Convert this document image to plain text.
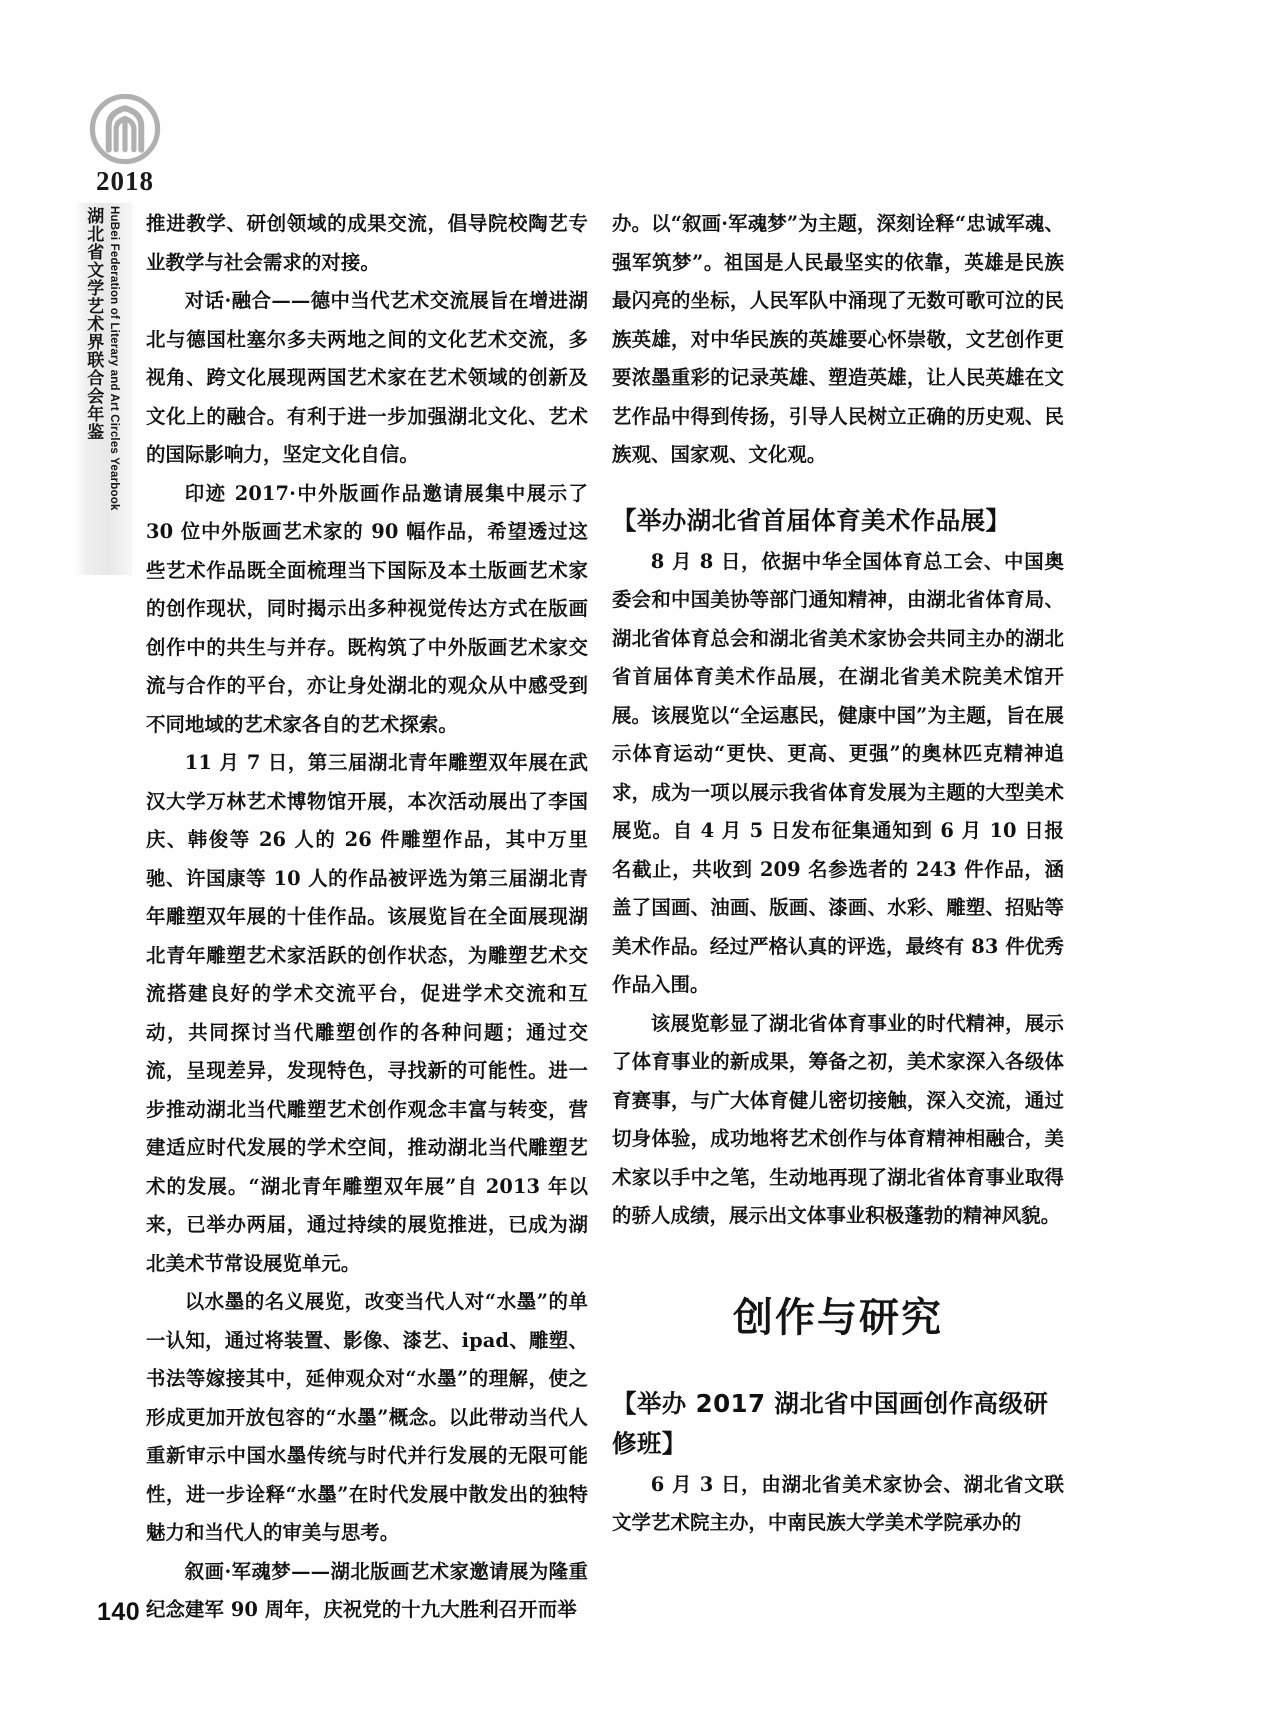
2018
湖北省文学艺术界联合会年鉴 HuBei Federation of Literary and Art Circles Yearbook 推进教学、研创领域的成果交流，倡导院校陶艺专业教学与社会需求的对接。

对话·融合——德中当代艺术交流展旨在增进湖北与德国杜塞尔多夫两地之间的文化艺术交流，多视角、跨文化展现两国艺术家在艺术领域的创新及文化上的融合。有利于进一步加强湖北文化、艺术的国际影响力，坚定文化自信。

印迹 2017·中外版画作品邀请展集中展示了 30 位中外版画艺术家的 90 幅作品，希望透过这些艺术作品既全面梳理当下国际及本土版画艺术家的创作现状，同时揭示出多种视觉传达方式在版画创作中的共生与并存。既构筑了中外版画艺术家交流与合作的平台，亦让身处湖北的观众从中感受到不同地域的艺术家各自的艺术探索。

11 月 7 日，第三届湖北青年雕塑双年展在武汉大学万林艺术博物馆开展，本次活动展出了李国庆、韩俊等 26 人的 26 件雕塑作品，其中万里驰、许国康等 10 人的作品被评选为第三届湖北青年雕塑双年展的十佳作品。该展览旨在全面展现湖北青年雕塑艺术家活跃的创作状态，为雕塑艺术交流搭建良好的学术交流平台，促进学术交流和互动，共同探讨当代雕塑创作的各种问题；通过交流，呈现差异，发现特色，寻找新的可能性。进一步推动湖北当代雕塑艺术创作观念丰富与转变，营建适应时代发展的学术空间，推动湖北当代雕塑艺术的发展。“湖北青年雕塑双年展”自 2013 年以来，已举办两届，通过持续的展览推进，已成为湖北美术节常设展览单元。

以水墨的名义展览，改变当代人对“水墨”的单一认知，通过将装置、影像、漆艺、ipad、雕塑、书法等嫁接其中，延伸观众对“水墨”的理解，使之形成更加开放包容的“水墨”概念。以此带动当代人重新审示中国水墨传统与时代并行发展的无限可能性，进一步诠释“水墨”在时代发展中散发出的独特魅力和当代人的审美与思考。

叙画·军魂梦——湖北版画艺术家邀请展为隆重纪念建军 90 周年，庆祝党的十九大胜利召开而举

办。以“叙画·军魂梦”为主题，深刻诠释“忠诚军魂、强军筑梦”。祖国是人民最坚实的依靠，英雄是民族最闪亮的坐标，人民军队中涌现了无数可歌可泣的民族英雄，对中华民族的英雄要心怀崇敬，文艺创作更要浓墨重彩的记录英雄、塑造英雄，让人民英雄在文艺作品中得到传扬，引导人民树立正确的历史观、民族观、国家观、文化观。

【举办湖北省首届体育美术作品展】

8 月 8 日，依据中华全国体育总工会、中国奥委会和中国美协等部门通知精神，由湖北省体育局、湖北省体育总会和湖北省美术家协会共同主办的湖北省首届体育美术作品展，在湖北省美术院美术馆开展。该展览以“全运惠民，健康中国”为主题，旨在展示体育运动“更快、更高、更强”的奥林匹克精神追求，成为一项以展示我省体育发展为主题的大型美术展览。自 4 月 5 日发布征集通知到 6 月 10 日报名截止，共收到 209 名参选者的 243 件作品，涵盖了国画、油画、版画、漆画、水彩、雕塑、招贴等美术作品。经过严格认真的评选，最终有 83 件优秀作品入围。

该展览彰显了湖北省体育事业的时代精神，展示了体育事业的新成果，筹备之初，美术家深入各级体育赛事，与广大体育健儿密切接触，深入交流，通过切身体验，成功地将艺术创作与体育精神相融合，美术家以手中之笔，生动地再现了湖北省体育事业取得的骄人成绩，展示出文体事业积极蓬勃的精神风貌。

创作与研究
【举办 2017 湖北省中国画创作高级研修班】

6 月 3 日，由湖北省美术家协会、湖北省文联文学艺术院主办，中南民族大学美术学院承办的

140
